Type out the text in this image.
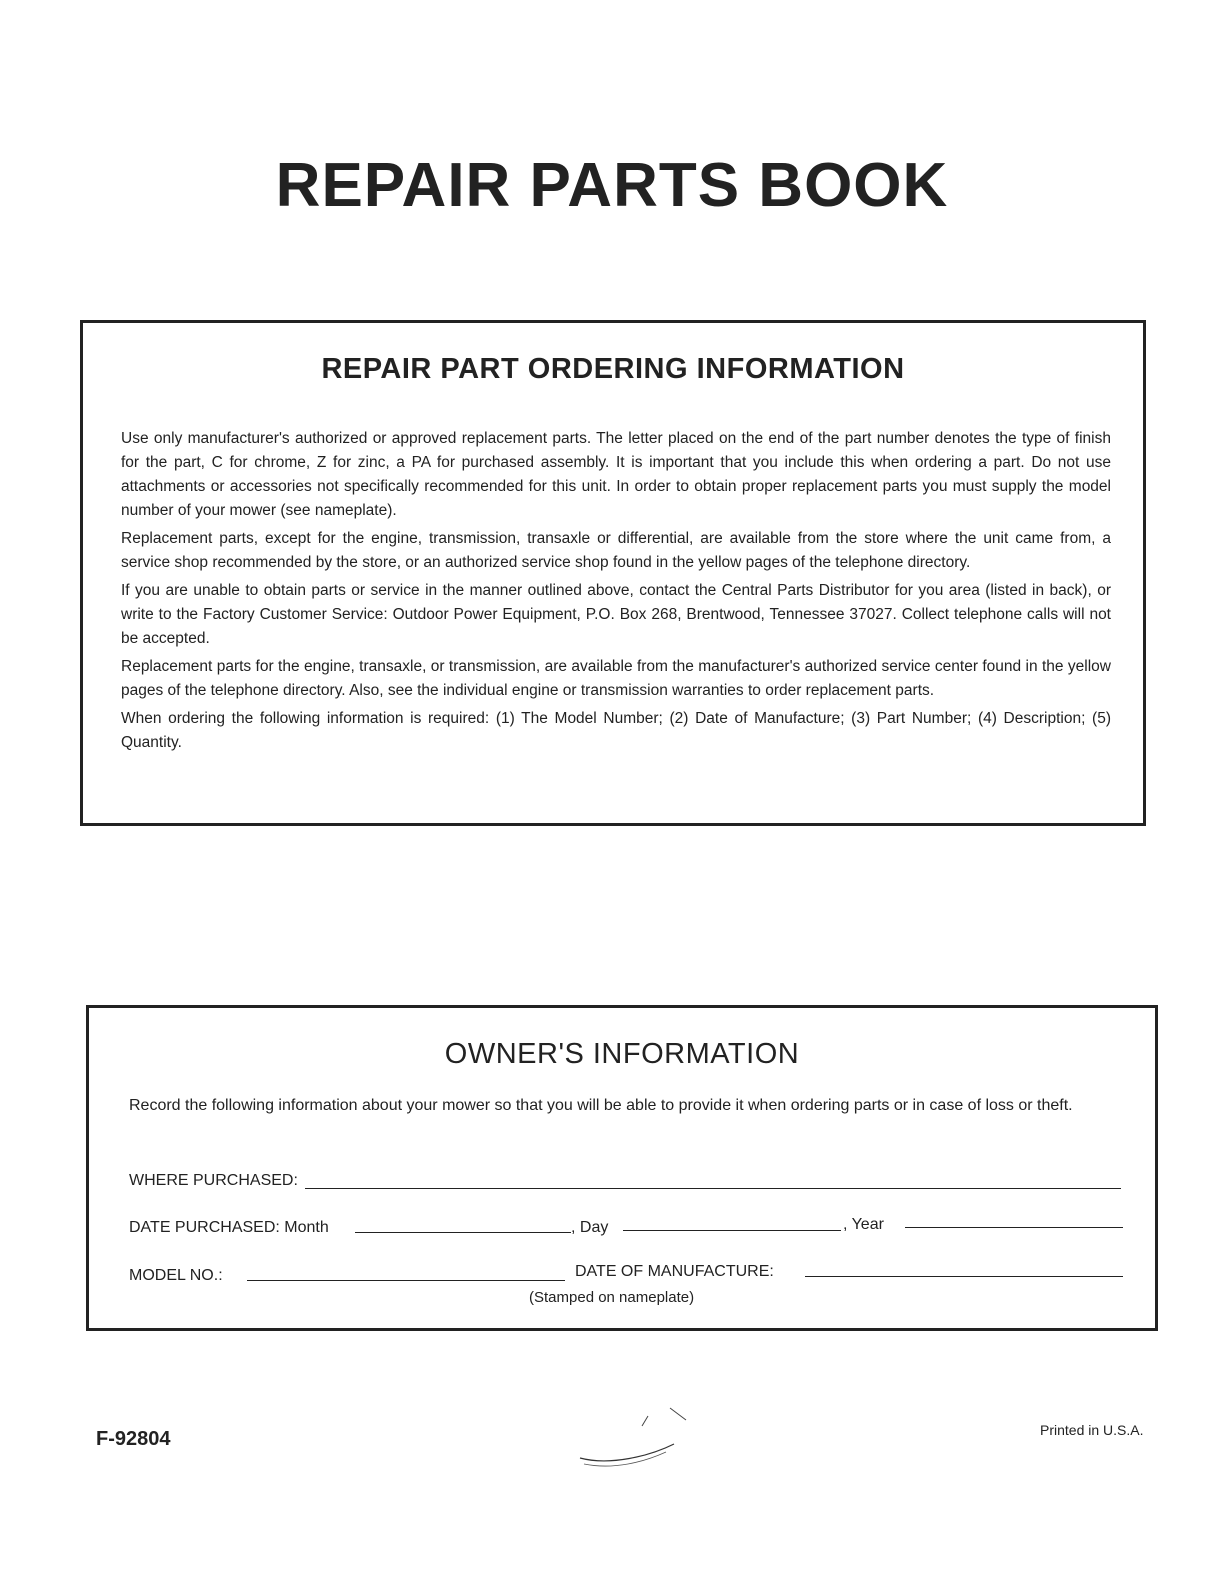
REPAIR PARTS BOOK
REPAIR PART ORDERING INFORMATION

Use only manufacturer's authorized or approved replacement parts. The letter placed on the end of the part number denotes the type of finish for the part, C for chrome, Z for zinc, a PA for purchased assembly. It is important that you include this when ordering a part. Do not use attachments or accessories not specifically recommended for this unit. In order to obtain proper replacement parts you must supply the model number of your mower (see nameplate).

Replacement parts, except for the engine, transmission, transaxle or differential, are available from the store where the unit came from, a service shop recommended by the store, or an authorized service shop found in the yellow pages of the telephone directory.

If you are unable to obtain parts or service in the manner outlined above, contact the Central Parts Distributor for you area (listed in back), or write to the Factory Customer Service: Outdoor Power Equipment, P.O. Box 268, Brentwood, Tennessee 37027. Collect telephone calls will not be accepted.

Replacement parts for the engine, transaxle, or transmission, are available from the manufacturer's authorized service center found in the yellow pages of the telephone directory. Also, see the individual engine or transmission warranties to order replacement parts.

When ordering the following information is required: (1) The Model Number; (2) Date of Manufacture; (3) Part Number; (4) Description; (5) Quantity.

OWNER'S INFORMATION
Record the following information about your mower so that you will be able to provide it when ordering parts or in case of loss or theft.
WHERE PURCHASED:
DATE PURCHASED: Month	, Day	, Year
MODEL NO.:	DATE OF MANUFACTURE:
(Stamped on nameplate)
F-92804	Printed in U.S.A.
